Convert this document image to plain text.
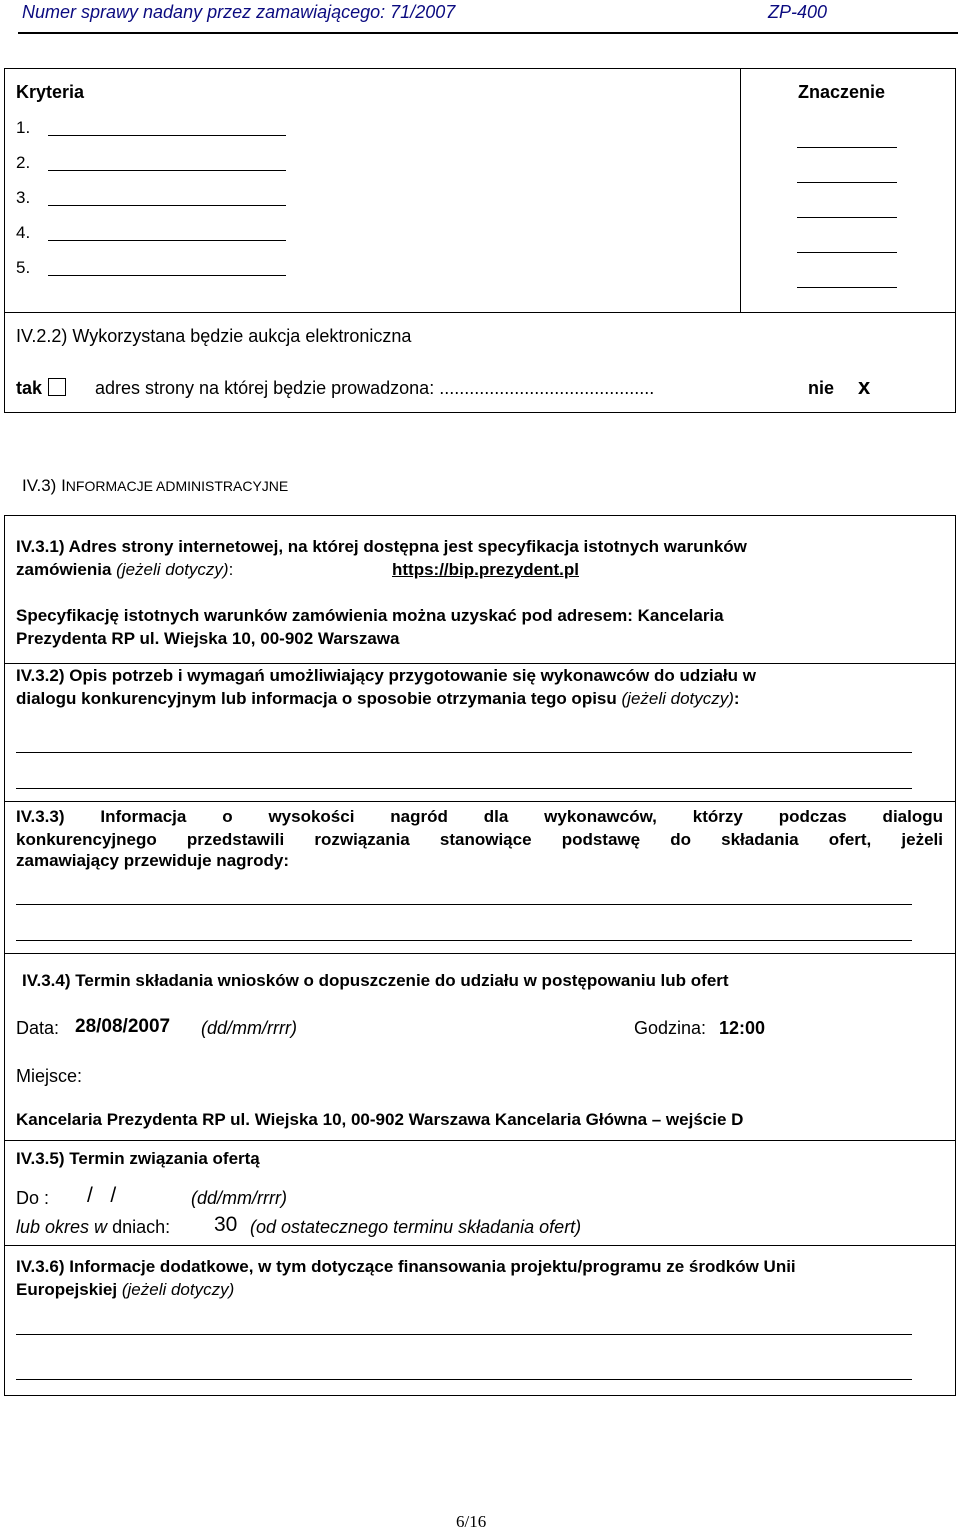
Numer sprawy nadany przez zamawiającego: 71/2007	ZP-400
Kryteria	Znaczenie
1.
2.
3.
4.
5.
IV.2.2) Wykorzystana będzie aukcja elektroniczna
tak	adres strony na której będzie prowadzona: ...........................................	nie x
IV.3) INFORMACJE ADMINISTRACYJNE
IV.3.1) Adres strony internetowej, na której dostępna jest specyfikacja istotnych warunków
zamówienia (jeżeli dotyczy):	https://bip.prezydent.pl
Specyfikację istotnych warunków zamówienia można uzyskać pod adresem: Kancelaria
Prezydenta RP ul. Wiejska 10, 00-902 Warszawa
IV.3.2) Opis potrzeb i wymagań umożliwiający przygotowanie się wykonawców do udziału w
dialogu konkurencyjnym lub informacja o sposobie otrzymania tego opisu (jeżeli dotyczy):
IV.3.3) Informacja o wysokości nagród dla wykonawców, którzy podczas dialogu
konkurencyjnego przedstawili rozwiązania stanowiące podstawę do składania ofert, jeżeli
zamawiający przewiduje nagrody:
IV.3.4) Termin składania wniosków o dopuszczenie do udziału w postępowaniu lub ofert
Data: 28/08/2007 (dd/mm/rrrr)	Godzina: 12:00
Miejsce:
Kancelaria Prezydenta RP ul. Wiejska 10, 00-902 Warszawa Kancelaria Główna – wejście D
IV.3.5) Termin związania ofertą
Do : /   /	(dd/mm/rrrr)
lub okres w dniach: 30 (od ostatecznego terminu składania ofert)
IV.3.6) Informacje dodatkowe, w tym dotyczące finansowania projektu/programu ze środków Unii
Europejskiej (jeżeli dotyczy)
6/16
